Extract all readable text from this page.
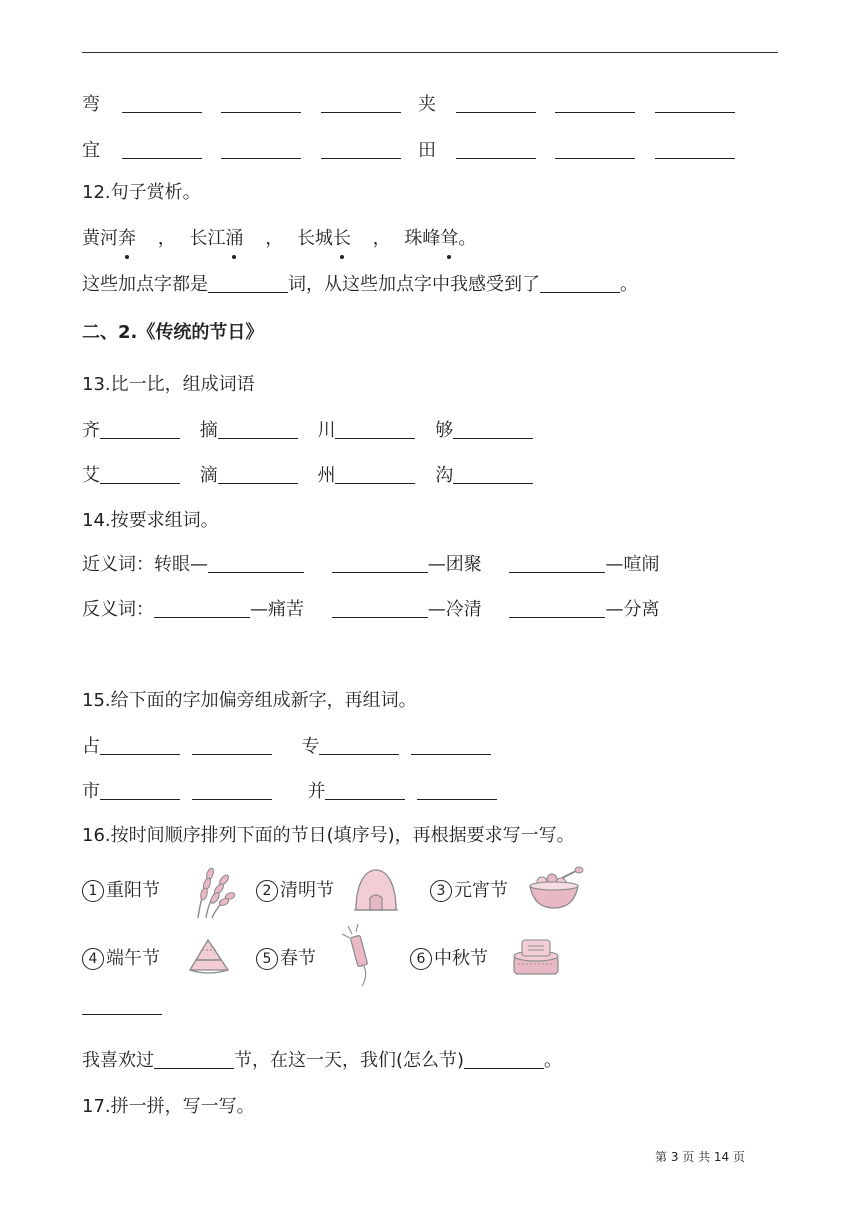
弯	夹
宜	田
12.句子赏析。
黄河奔 ， 长江涌 ， 长城长 ， 珠峰耸。
这些加点字都是	词，从这些加点字中我感受到了	。
二、2.《传统的节日》
13.比一比，组成词语
齐	摘	川	够
艾	滴	州	沟
14.按要求组词。
近义词：转眼—	—团聚	—喧闹
反义词：	—痛苦	—冷清	—分离
15.给下面的字加偏旁组成新字，再组词。
占	专
市	并
16.按时间顺序排列下面的节日(填序号)，再根据要求写一写。
1 重阳节	2 清明节	3 元宵节
4 端午节	5 春节	6 中秋节
我喜欢过	节，在这一天，我们(怎么节)	。
17.拼一拼，写一写。
第 3 页 共 14 页
